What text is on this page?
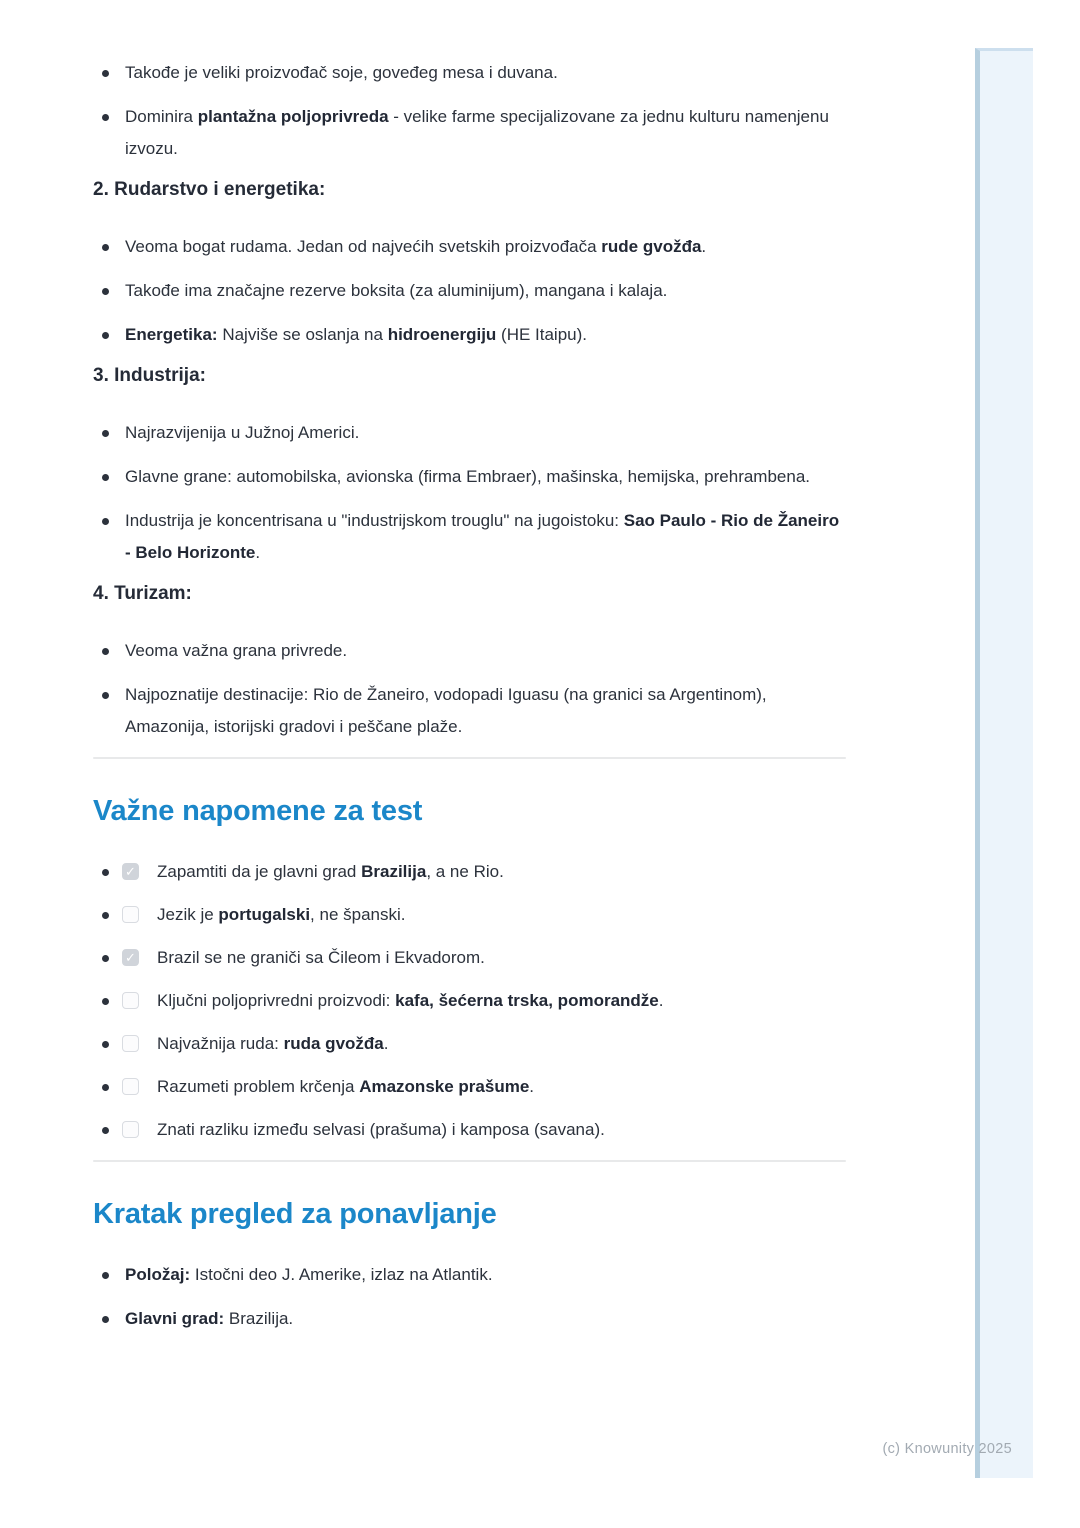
Takođe je veliki proizvođač soje, goveđeg mesa i duvana.
Dominira plantažna poljoprivreda - velike farme specijalizovane za jednu kulturu namenjenu izvozu.
2. Rudarstvo i energetika:
Veoma bogat rudama. Jedan od najvećih svetskih proizvođača rude gvožđa.
Takođe ima značajne rezerve boksita (za aluminijum), mangana i kalaja.
Energetika: Najviše se oslanja na hidroenergiju (HE Itaipu).
3. Industrija:
Najrazvijenija u Južnoj Americi.
Glavne grane: automobilska, avionska (firma Embraer), mašinska, hemijska, prehrambena.
Industrija je koncentrisana u "industrijskom trouglu" na jugoistoku: Sao Paulo - Rio de Žaneiro - Belo Horizonte.
4. Turizam:
Veoma važna grana privrede.
Najpoznatije destinacije: Rio de Žaneiro, vodopadi Iguasu (na granici sa Argentinom), Amazonija, istorijski gradovi i peščane plaže.
Važne napomene za test
✓
Zapamtiti da je glavni grad Brazilija, a ne Rio.
Jezik je portugalski, ne španski.
✓
Brazil se ne graniči sa Čileom i Ekvadorom.
Ključni poljoprivredni proizvodi: kafa, šećerna trska, pomorandže.
Najvažnija ruda: ruda gvožđa.
Razumeti problem krčenja Amazonske prašume.
Znati razliku između selvasi (prašuma) i kamposa (savana).
Kratak pregled za ponavljanje
Položaj: Istočni deo J. Amerike, izlaz na Atlantik.
Glavni grad: Brazilija.
(c) Knowunity 2025
